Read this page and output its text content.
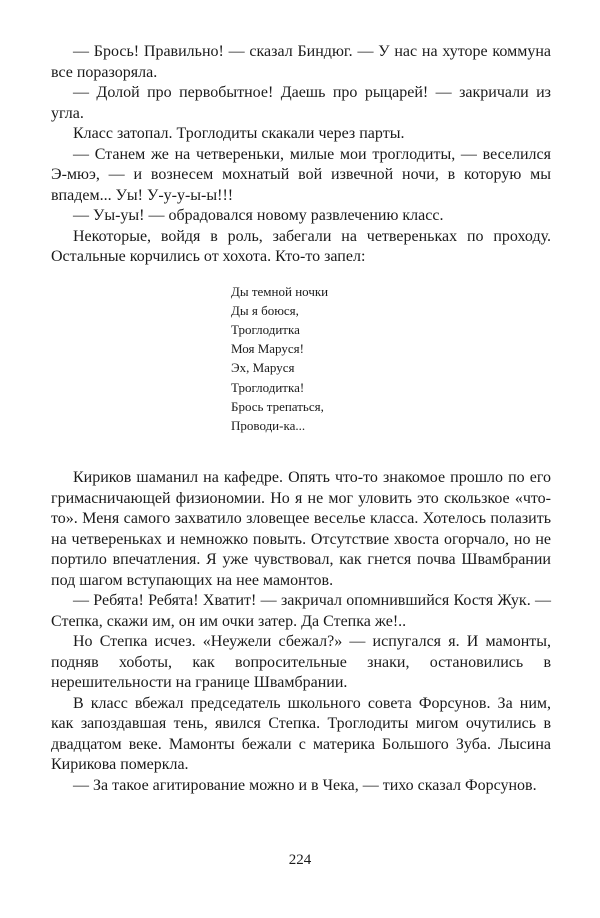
— Брось! Правильно! — сказал Биндюг. — У нас на хуторе коммуна все поразоряла.

— Долой про первобытное! Даешь про рыцарей! — закричали из угла.

Класс затопал. Троглодиты скакали через парты.

— Станем же на четвереньки, милые мои троглодиты, — веселился Э-мюэ, — и вознесем мохнатый вой извечной ночи, в которую мы впадем... Уы! У-у-у-ы-ы!!!

— Уы-уы! — обрадовался новому развлечению класс.

Некоторые, войдя в роль, забегали на четвереньках по проходу. Остальные корчились от хохота. Кто-то запел:

Ды темной ночки
Ды я боюся,
Троглодитка
Моя Маруся!
Эх, Маруся
Троглодитка!
Брось трепаться,
Проводи-ка...

Кириков шаманил на кафедре. Опять что-то знакомое прошло по его гримасничающей физиономии. Но я не мог уловить это скользкое «что-то». Меня самого захватило зловещее веселье класса. Хотелось полазить на четвереньках и немножко повыть. Отсутствие хвоста огорчало, но не портило впечатления. Я уже чувствовал, как гнется почва Швамбрании под шагом вступающих на нее мамонтов.

— Ребята! Ребята! Хватит! — закричал опомнившийся Костя Жук. — Степка, скажи им, он им очки затер. Да Степка же!..

Но Степка исчез. «Неужели сбежал?» — испугался я. И мамонты, подняв хоботы, как вопросительные знаки, остановились в нерешительности на границе Швамбрании.

В класс вбежал председатель школьного совета Форсунов. За ним, как запоздавшая тень, явился Степка. Троглодиты мигом очутились в двадцатом веке. Мамонты бежали с материка Большого Зуба. Лысина Кирикова померкла.

— За такое агитирование можно и в Чека, — тихо сказал Форсунов.

224
